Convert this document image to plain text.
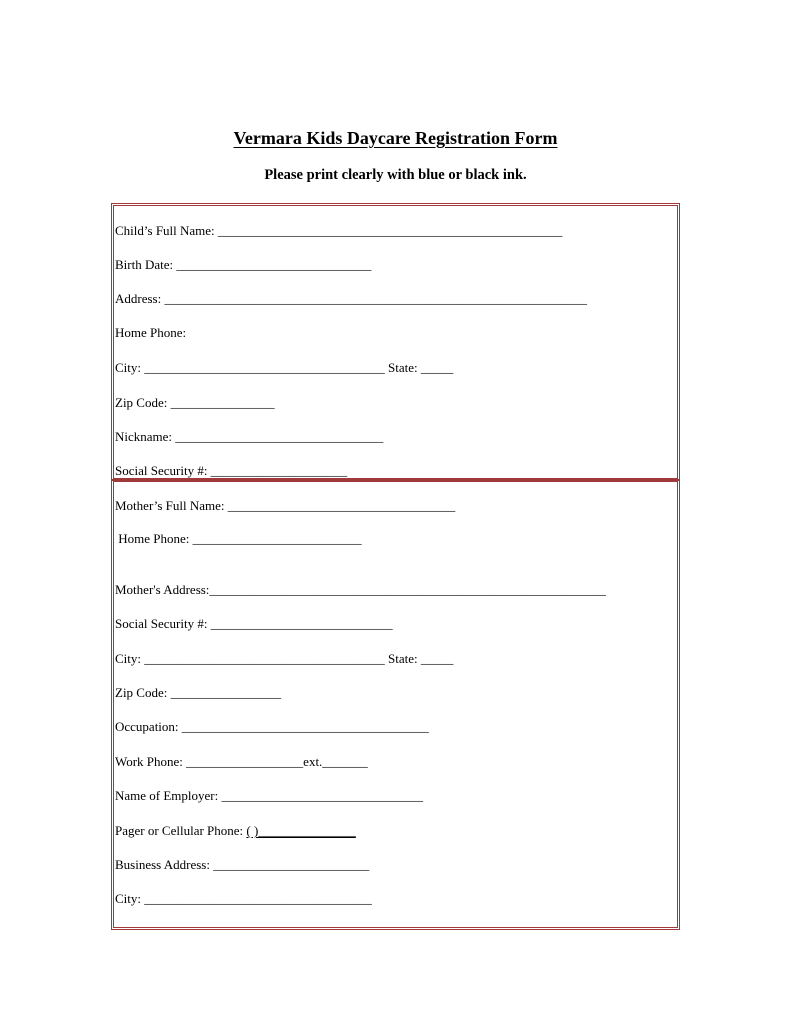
Vermara Kids Daycare Registration Form
Please print clearly with blue or black ink.
Child’s Full Name: _____________________________________________________
Birth Date: ______________________________
Address: _________________________________________________________________
Home Phone:
City: _____________________________________ State: _____
Zip Code: ________________
Nickname: ________________________________
Social Security #: _____________________
Mother’s Full Name: ___________________________________
Home Phone: __________________________
Mother's Address:_____________________________________________________________
Social Security #: ____________________________
City: _____________________________________ State: _____
Zip Code: _________________
Occupation: ______________________________________
Work Phone: __________________ext._______
Name of Employer: _______________________________
Pager or Cellular Phone: ( )_______________
Business Address: ________________________
City: ___________________________________
